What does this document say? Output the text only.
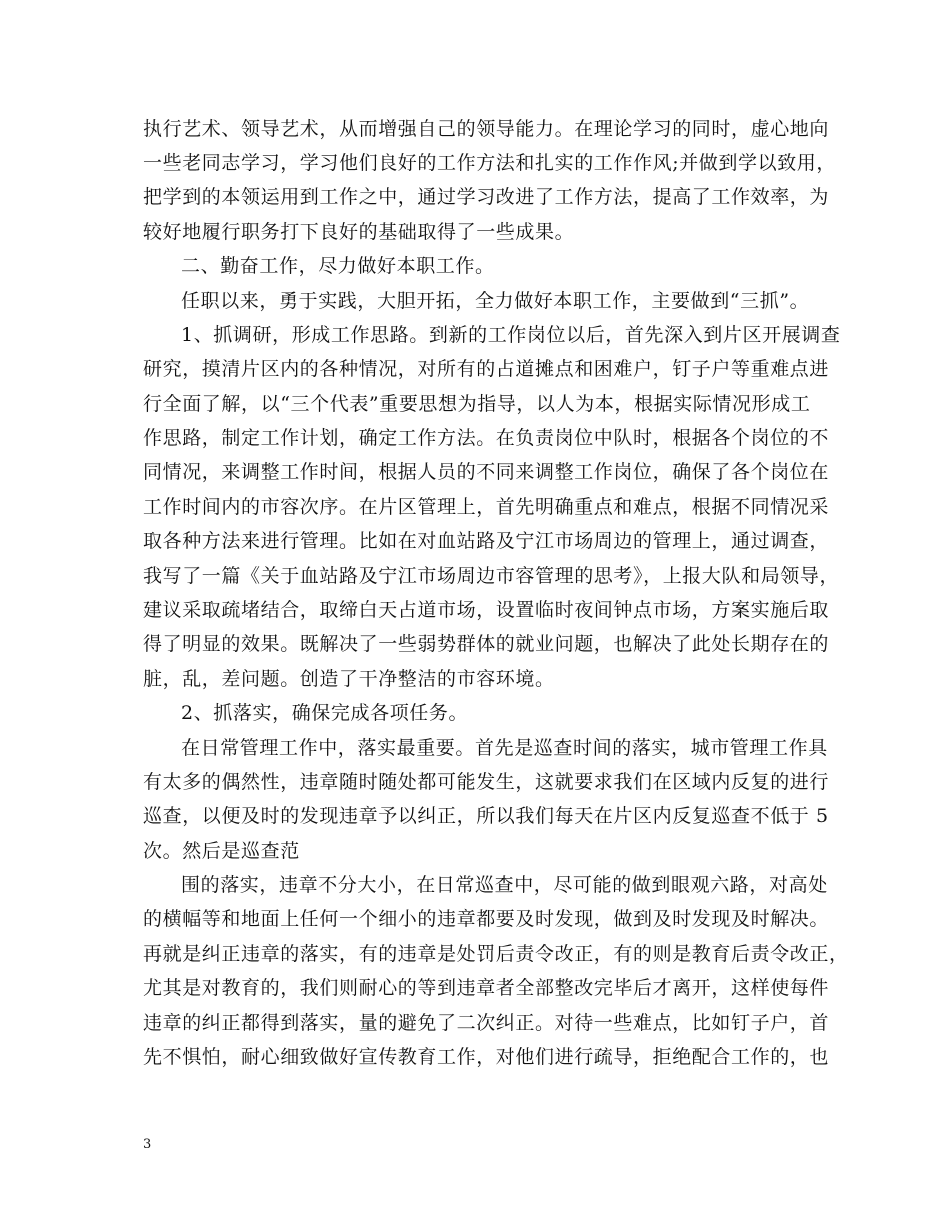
执行艺术、领导艺术，从而增强自己的领导能力。在理论学习的同时，虚心地向
一些老同志学习，学习他们良好的工作方法和扎实的工作作风;并做到学以致用，
把学到的本领运用到工作之中，通过学习改进了工作方法，提高了工作效率，为
较好地履行职务打下良好的基础取得了一些成果。
二、勤奋工作，尽力做好本职工作。
任职以来，勇于实践，大胆开拓，全力做好本职工作，主要做到“三抓”。
1、抓调研，形成工作思路。到新的工作岗位以后，首先深入到片区开展调查
研究，摸清片区内的各种情况，对所有的占道摊点和困难户，钉子户等重难点进
行全面了解，以“三个代表”重要思想为指导，以人为本，根据实际情况形成工
作思路，制定工作计划，确定工作方法。在负责岗位中队时，根据各个岗位的不
同情况，来调整工作时间，根据人员的不同来调整工作岗位，确保了各个岗位在
工作时间内的市容次序。在片区管理上，首先明确重点和难点，根据不同情况采
取各种方法来进行管理。比如在对血站路及宁江市场周边的管理上，通过调查，
我写了一篇《关于血站路及宁江市场周边市容管理的思考》，上报大队和局领导，
建议采取疏堵结合，取缔白天占道市场，设置临时夜间钟点市场，方案实施后取
得了明显的效果。既解决了一些弱势群体的就业问题，也解决了此处长期存在的
脏，乱，差问题。创造了干净整洁的市容环境。
2、抓落实，确保完成各项任务。
在日常管理工作中，落实最重要。首先是巡查时间的落实，城市管理工作具
有太多的偶然性，违章随时随处都可能发生，这就要求我们在区域内反复的进行
巡查，以便及时的发现违章予以纠正，所以我们每天在片区内反复巡查不低于 5
次。然后是巡查范
围的落实，违章不分大小，在日常巡查中，尽可能的做到眼观六路，对高处
的横幅等和地面上任何一个细小的违章都要及时发现，做到及时发现及时解决。
再就是纠正违章的落实，有的违章是处罚后责令改正，有的则是教育后责令改正，
尤其是对教育的，我们则耐心的等到违章者全部整改完毕后才离开，这样使每件
违章的纠正都得到落实，量的避免了二次纠正。对待一些难点，比如钉子户，首
先不惧怕，耐心细致做好宣传教育工作，对他们进行疏导，拒绝配合工作的，也
3
